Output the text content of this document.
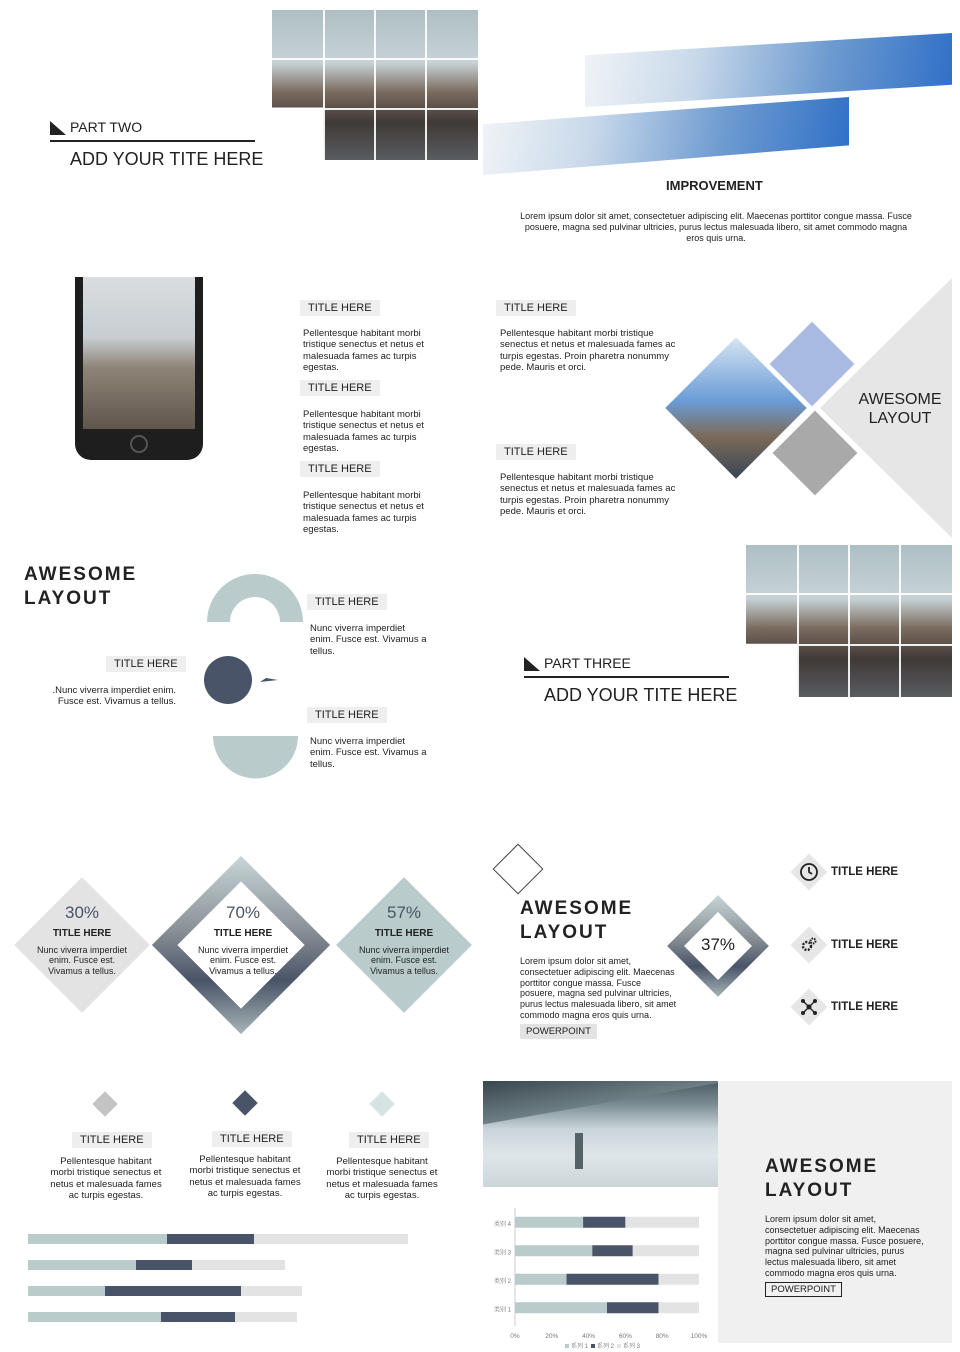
PART TWO
ADD YOUR TITE HERE
IMPROVEMENT
Lorem ipsum dolor sit amet, consectetuer adipiscing elit. Maecenas porttitor congue massa. Fusce posuere, magna sed pulvinar ultricies, purus lectus malesuada libero, sit amet commodo magna eros quis urna.
TITLE HERE
Pellentesque habitant morbi tristique senectus et netus et malesuada fames ac turpis egestas.
TITLE HERE
Pellentesque habitant morbi tristique senectus et netus et malesuada fames ac turpis egestas.
TITLE HERE
Pellentesque habitant morbi tristique senectus et netus et malesuada fames ac turpis egestas.
TITLE HERE
Pellentesque habitant morbi tristique senectus et netus et malesuada fames ac turpis egestas. Proin pharetra nonummy pede. Mauris et orci.
TITLE HERE
Pellentesque habitant morbi tristique senectus et netus et malesuada fames ac turpis egestas. Proin pharetra nonummy pede. Mauris et orci.
AWESOME
LAYOUT
AWESOME
LAYOUT
TITLE HERE
.Nunc viverra imperdiet enim. Fusce est. Vivamus a tellus.
TITLE HERE
Nunc viverra imperdiet enim. Fusce est. Vivamus a tellus.
TITLE HERE
Nunc viverra imperdiet enim. Fusce est. Vivamus a tellus.
PART THREE
ADD YOUR TITE HERE
30%
TITLE HERE
Nunc viverra imperdiet enim. Fusce est. Vivamus a tellus.
70%
TITLE HERE
Nunc viverra imperdiet enim. Fusce est. Vivamus a tellus.
57%
TITLE HERE
Nunc viverra imperdiet enim. Fusce est. Vivamus a tellus.
AWESOME
LAYOUT
Lorem ipsum dolor sit amet, consectetuer adipiscing elit. Maecenas porttitor congue massa. Fusce posuere, magna sed pulvinar ultricies, purus lectus malesuada libero, sit amet commodo magna eros quis urna.
POWERPOINT
37%
TITLE HERE
TITLE HERE
TITLE HERE
TITLE HERE
Pellentesque habitant morbi tristique senectus et netus et malesuada fames ac turpis egestas.
TITLE HERE
Pellentesque habitant morbi tristique senectus et netus et malesuada fames ac turpis egestas.
TITLE HERE
Pellentesque habitant morbi tristique senectus et netus et malesuada fames ac turpis egestas.
AWESOME
LAYOUT
Lorem ipsum dolor sit amet, consectetuer adipiscing elit. Maecenas porttitor congue massa. Fusce posuere, magna sed pulvinar ultricies, purus lectus malesuada libero, sit amet commodo magna eros quis urna.
POWERPOINT
0%	20%	40%	60%	80%	100%
类别 4
类别 3
类别 2
类别 1
系列 1 系列 2 系列 3
